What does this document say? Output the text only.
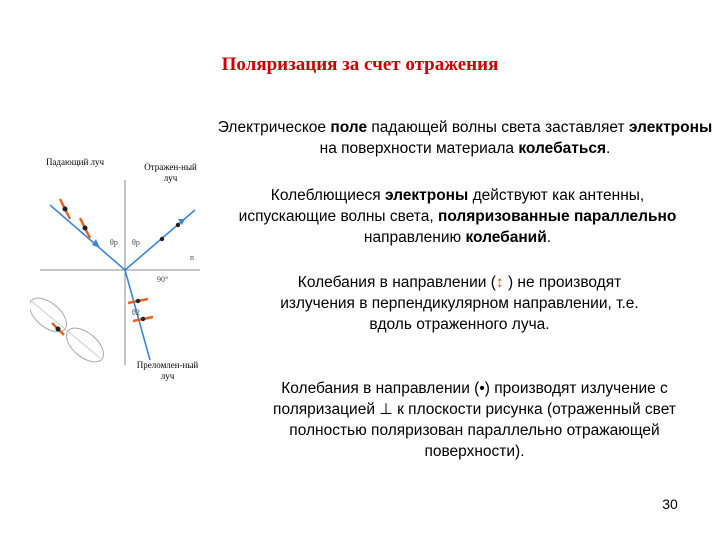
Поляризация за счет отражения
Падающий луч	Отражен-ный луч
Преломлен-ный луч
θp θp
90°
θ2
n
Электрическое поле падающей волны света заставляет электроны на поверхности материала колебаться.
Колеблющиеся электроны действуют как антенны, испускающие волны света, поляризованные параллельно направлению колебаний.
Колебания в направлении (↕ ) не производят излучения в перпендикулярном направлении, т.е. вдоль отраженного луча.
Колебания в направлении (•) производят излучение с поляризацией ⊥ к плоскости рисунка (отраженный свет полностью поляризован параллельно отражающей поверхности).
30
